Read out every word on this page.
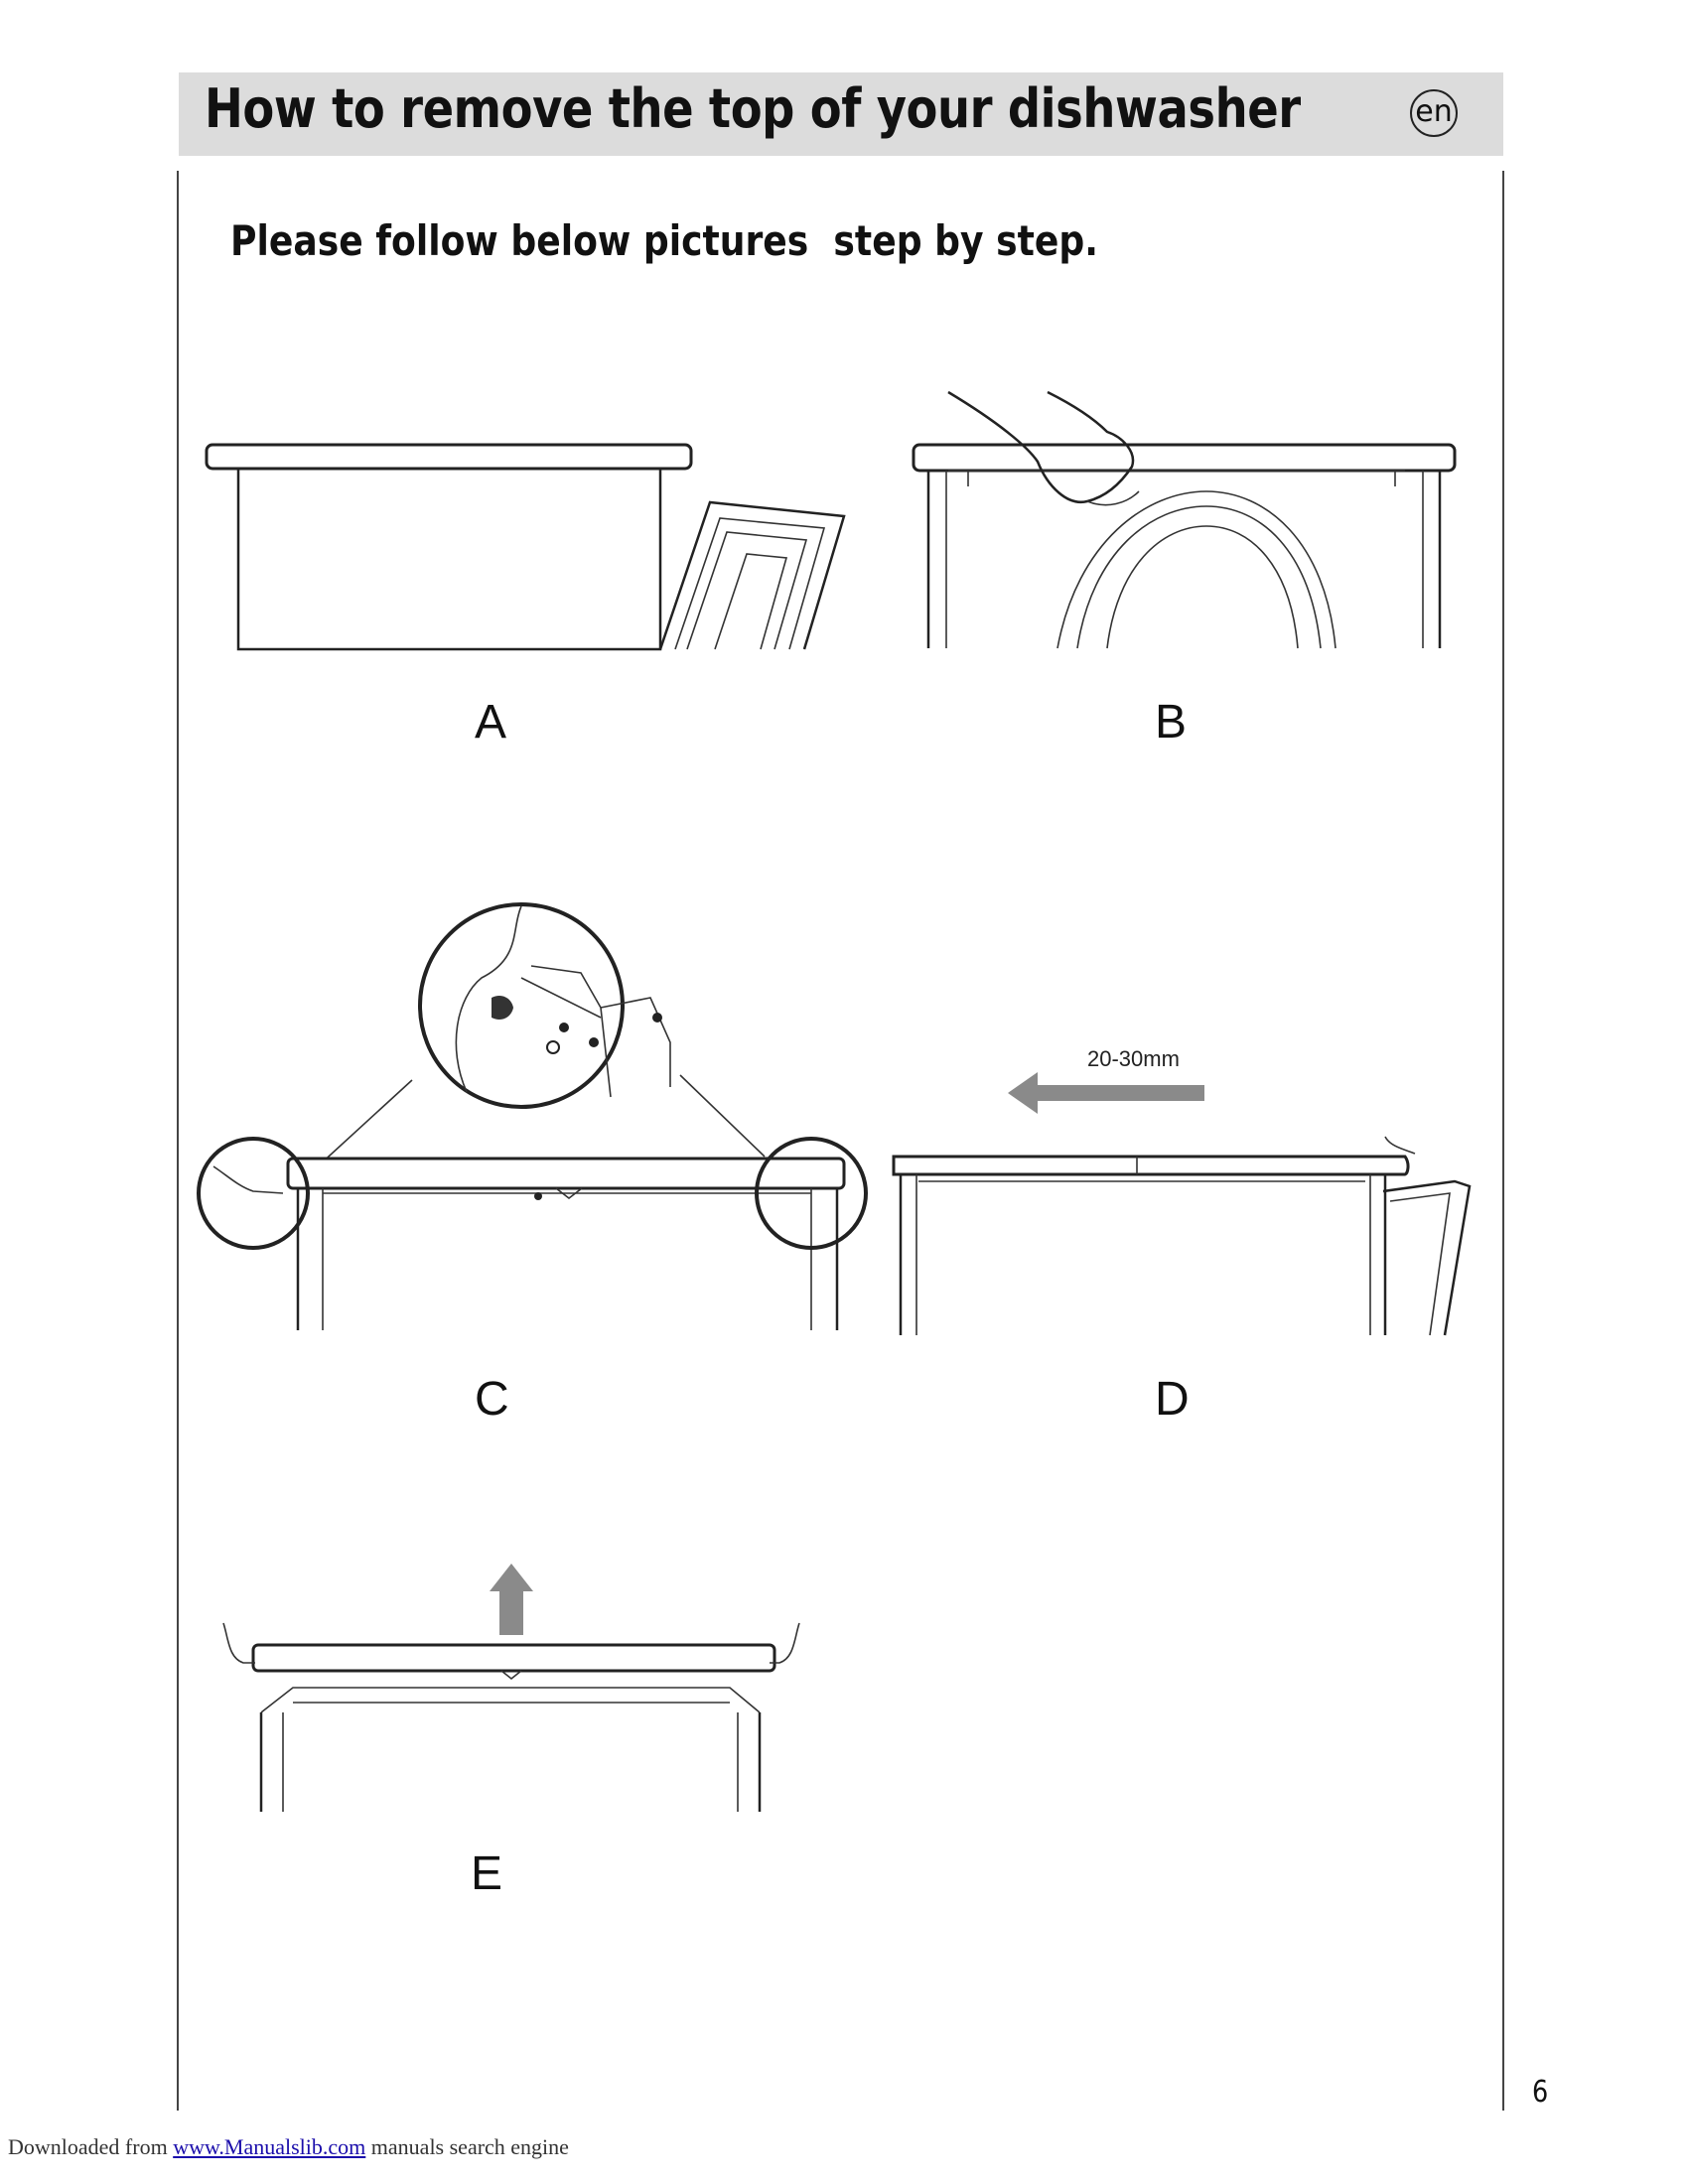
How to remove the top of your dishwasher	en
Please follow below pictures  step by step.
A	B
C
20-30mm
D
E
6
Downloaded from www.Manualslib.com manuals search engine
